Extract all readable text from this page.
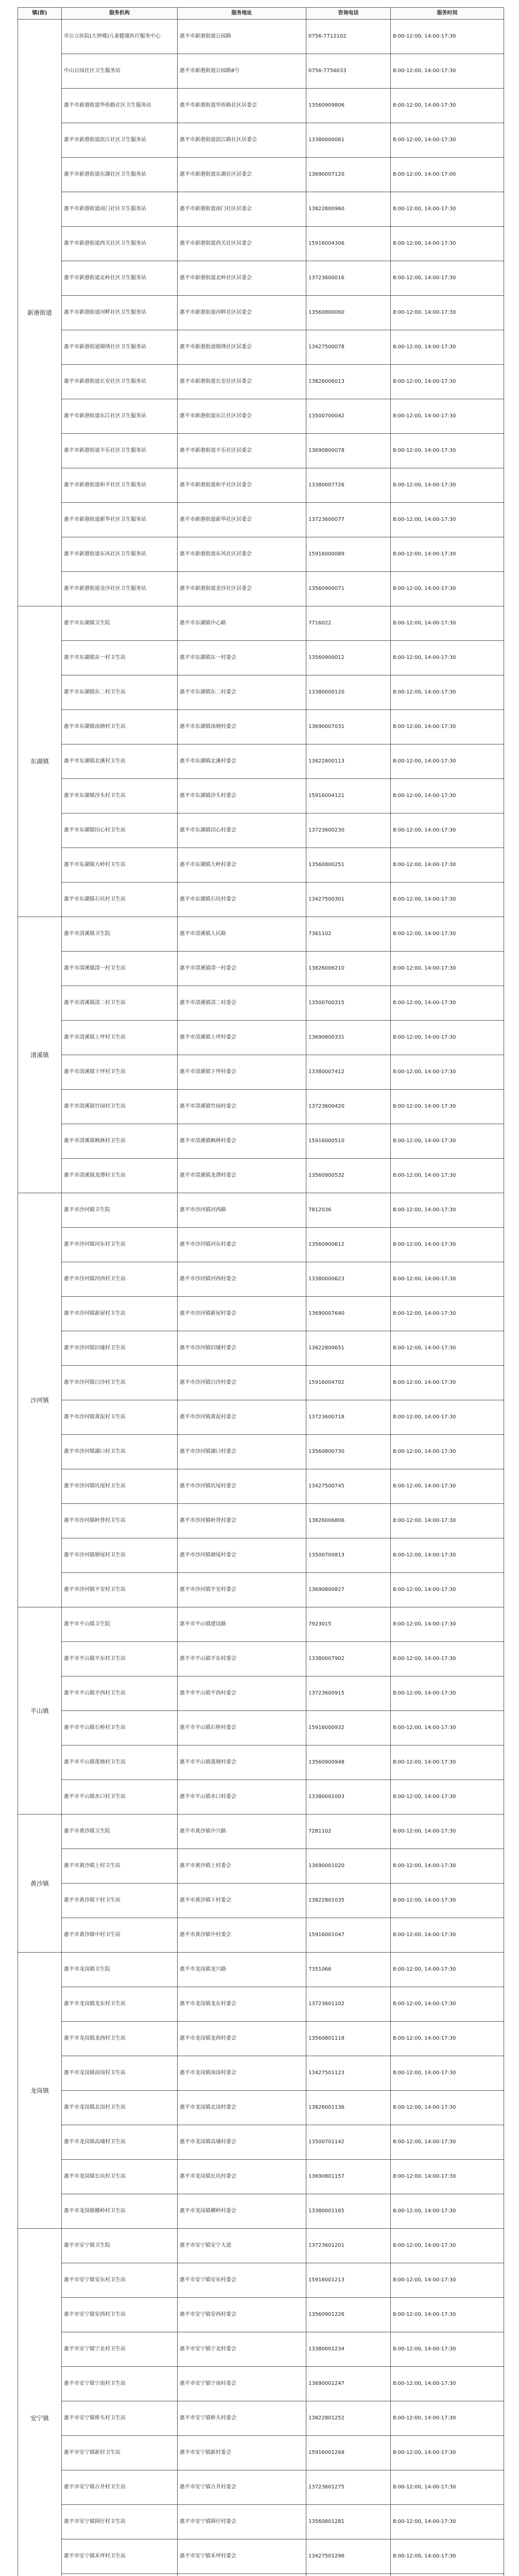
镇(街)	服务机构	服务地址	咨询电话	服务时间
新港街道	市公立医院(大钟楼)儿童健康医疗服务中心	惠平市新港街道公园路	0756-7712102	8:00-12:00, 14:00-17:30
	中山公园社区卫生服务站	惠平市新港街道公园路8号	0756-7756033	8:00-12:00, 14:00-17:30
	惠平市新港街道华侨路社区卫生服务站	惠平市新港街道华侨路社区居委会	13560909806	8:00-12:00, 14:00-17:30
	惠平市新港街道滨江社区卫生服务站	惠平市新港街道滨江路社区居委会	13380000061	8:00-12:00, 14:00-17:30
	惠平市新港街道东湖社区卫生服务站	惠平市新港街道东湖社区居委会	13690007120	8:00-12:00, 14:00-17:00
	惠平市新港街道南门社区卫生服务站	惠平市新港街道南门社区居委会	13822800960	8:00-12:00, 14:00-17:30
	惠平市新港街道西关社区卫生服务站	惠平市新港街道西关社区居委会	15916004306	8:00-12:00, 14:00-17:30
	惠平市新港街道北岭社区卫生服务站	惠平市新港街道北岭社区居委会	13723600016	8:00-12:00, 14:00-17:30
	惠平市新港街道河畔社区卫生服务站	惠平市新港街道河畔社区居委会	13560800060	8:00-12:00, 14:00-17:30
	惠平市新港街道锦绣社区卫生服务站	惠平市新港街道锦绣社区居委会	13427500078	8:00-12:00, 14:00-17:30
	惠平市新港街道长安社区卫生服务站	惠平市新港街道长安社区居委会	13826006013	8:00-12:00, 14:00-17:30
	惠平市新港街道东江社区卫生服务站	惠平市新港街道东江社区居委会	13500700042	8:00-12:00, 14:00-17:30
	惠平市新港街道丰乐社区卫生服务站	惠平市新港街道丰乐社区居委会	13690800078	8:00-12:00, 14:00-17:30
	惠平市新港街道和平社区卫生服务站	惠平市新港街道和平社区居委会	13380007726	8:00-12:00, 14:00-17:30
	惠平市新港街道新华社区卫生服务站	惠平市新港街道新华社区居委会	13723600077	8:00-12:00, 14:00-17:30
	惠平市新港街道东风社区卫生服务站	惠平市新港街道东风社区居委会	15916000089	8:00-12:00, 14:00-17:30
	惠平市新港街道金沙社区卫生服务站	惠平市新港街道金沙社区居委会	13560900071	8:00-12:00, 14:00-17:30
东湖镇	惠平市东湖镇卫生院	惠平市东湖镇中心路	7716022	8:00-12:00, 14:00-17:30
	惠平市东湖镇东一村卫生站	惠平市东湖镇东一村委会	13560900012	8:00-12:00, 14:00-17:30
	惠平市东湖镇东二村卫生站	惠平市东湖镇东二村委会	13380000120	8:00-12:00, 14:00-17:30
	惠平市东湖镇南塘村卫生站	惠平市东湖镇南塘村委会	13690007031	8:00-12:00, 14:00-17:30
	惠平市东湖镇北溪村卫生站	惠平市东湖镇北溪村委会	13822800113	8:00-12:00, 14:00-17:30
	惠平市东湖镇沙头村卫生站	惠平市东湖镇沙头村委会	15916004121	8:00-12:00, 14:00-17:30
	惠平市东湖镇田心村卫生站	惠平市东湖镇田心村委会	13723600230	8:00-12:00, 14:00-17:30
	惠平市东湖镇大岭村卫生站	惠平市东湖镇大岭村委会	13560800251	8:00-12:00, 14:00-17:30
	惠平市东湖镇石坑村卫生站	惠平市东湖镇石坑村委会	13427500301	8:00-12:00, 14:00-17:30
清溪镇	惠平市清溪镇卫生院	惠平市清溪镇人民路	7361102	8:00-12:00, 14:00-17:30
	惠平市清溪镇清一村卫生站	惠平市清溪镇清一村委会	13826006210	8:00-12:00, 14:00-17:30
	惠平市清溪镇清二村卫生站	惠平市清溪镇清二村委会	13500700315	8:00-12:00, 14:00-17:30
	惠平市清溪镇上坪村卫生站	惠平市清溪镇上坪村委会	13690800331	8:00-12:00, 14:00-17:30
	惠平市清溪镇下坪村卫生站	惠平市清溪镇下坪村委会	13380007412	8:00-12:00, 14:00-17:30
	惠平市清溪镇竹园村卫生站	惠平市清溪镇竹园村委会	13723600420	8:00-12:00, 14:00-17:30
	惠平市清溪镇枫林村卫生站	惠平市清溪镇枫林村委会	15916000510	8:00-12:00, 14:00-17:30
	惠平市清溪镇龙潭村卫生站	惠平市清溪镇龙潭村委会	13560900532	8:00-12:00, 14:00-17:30
沙河镇	惠平市沙河镇卫生院	惠平市沙河镇河西路	7812036	8:00-12:00, 14:00-17:30
	惠平市沙河镇河东村卫生站	惠平市沙河镇河东村委会	13560900612	8:00-12:00, 14:00-17:30
	惠平市沙河镇河西村卫生站	惠平市沙河镇河西村委会	13380000623	8:00-12:00, 14:00-17:30
	惠平市沙河镇新屋村卫生站	惠平市沙河镇新屋村委会	13690007640	8:00-12:00, 14:00-17:30
	惠平市沙河镇旧墟村卫生站	惠平市沙河镇旧墟村委会	13822800651	8:00-12:00, 14:00-17:30
	惠平市沙河镇白沙村卫生站	惠平市沙河镇白沙村委会	15916004702	8:00-12:00, 14:00-17:30
	惠平市沙河镇黄泥村卫生站	惠平市沙河镇黄泥村委会	13723600718	8:00-12:00, 14:00-17:30
	惠平市沙河镇湖口村卫生站	惠平市沙河镇湖口村委会	13560800730	8:00-12:00, 14:00-17:30
	惠平市沙河镇坑尾村卫生站	惠平市沙河镇坑尾村委会	13427500745	8:00-12:00, 14:00-17:30
	惠平市沙河镇岭背村卫生站	惠平市沙河镇岭背村委会	13826006806	8:00-12:00, 14:00-17:30
	惠平市沙河镇塘尾村卫生站	惠平市沙河镇塘尾村委会	13500700813	8:00-12:00, 14:00-17:30
	惠平市沙河镇平安村卫生站	惠平市沙河镇平安村委会	13690800827	8:00-12:00, 14:00-17:30
平山镇	惠平市平山镇卫生院	惠平市平山镇建设路	7923015	8:00-12:00, 14:00-17:30
	惠平市平山镇平东村卫生站	惠平市平山镇平东村委会	13380007902	8:00-12:00, 14:00-17:30
	惠平市平山镇平西村卫生站	惠平市平山镇平西村委会	13723600915	8:00-12:00, 14:00-17:30
	惠平市平山镇石桥村卫生站	惠平市平山镇石桥村委会	15916000932	8:00-12:00, 14:00-17:30
	惠平市平山镇莲塘村卫生站	惠平市平山镇莲塘村委会	13560900948	8:00-12:00, 14:00-17:30
	惠平市平山镇水口村卫生站	惠平市平山镇水口村委会	13380001003	8:00-12:00, 14:00-17:30
黄沙镇	惠平市黄沙镇卫生院	惠平市黄沙镇中兴路	7281102	8:00-12:00, 14:00-17:30
	惠平市黄沙镇上村卫生站	惠平市黄沙镇上村委会	13690001020	8:00-12:00, 14:00-17:30
	惠平市黄沙镇下村卫生站	惠平市黄沙镇下村委会	13822801035	8:00-12:00, 14:00-17:30
	惠平市黄沙镇中村卫生站	惠平市黄沙镇中村委会	15916001047	8:00-12:00, 14:00-17:30
龙岗镇	惠平市龙岗镇卫生院	惠平市龙岗镇龙兴路	7351066	8:00-12:00, 14:00-17:30
	惠平市龙岗镇龙东村卫生站	惠平市龙岗镇龙东村委会	13723601102	8:00-12:00, 14:00-17:30
	惠平市龙岗镇龙西村卫生站	惠平市龙岗镇龙西村委会	13560801118	8:00-12:00, 14:00-17:30
	惠平市龙岗镇南岗村卫生站	惠平市龙岗镇南岗村委会	13427501123	8:00-12:00, 14:00-17:30
	惠平市龙岗镇北岗村卫生站	惠平市龙岗镇北岗村委会	13826001136	8:00-12:00, 14:00-17:30
	惠平市龙岗镇高埔村卫生站	惠平市龙岗镇高埔村委会	13500701142	8:00-12:00, 14:00-17:30
	惠平市龙岗镇长坑村卫生站	惠平市龙岗镇长坑村委会	13690801157	8:00-12:00, 14:00-17:30
	惠平市龙岗镇横岭村卫生站	惠平市龙岗镇横岭村委会	13380001165	8:00-12:00, 14:00-17:30
安宁镇	惠平市安宁镇卫生院	惠平市安宁镇安宁大道	13723601201	8:00-12:00, 14:00-17:30
	惠平市安宁镇安东村卫生站	惠平市安宁镇安东村委会	15916001213	8:00-12:00, 14:00-17:30
	惠平市安宁镇安西村卫生站	惠平市安宁镇安西村委会	13560901226	8:00-12:00, 14:00-17:30
	惠平市安宁镇宁北村卫生站	惠平市安宁镇宁北村委会	13380001234	8:00-12:00, 14:00-17:30
	惠平市安宁镇宁南村卫生站	惠平市安宁镇宁南村委会	13690001247	8:00-12:00, 14:00-17:30
	惠平市安宁镇桥头村卫生站	惠平市安宁镇桥头村委会	13822801252	8:00-12:00, 14:00-17:30
	惠平市安宁镇新村卫生站	惠平市安宁镇新村委会	15916001268	8:00-12:00, 14:00-17:30
	惠平市安宁镇古井村卫生站	惠平市安宁镇古井村委会	13723601275	8:00-12:00, 14:00-17:30
	惠平市安宁镇围仔村卫生站	惠平市安宁镇围仔村委会	13560801281	8:00-12:00, 14:00-17:30
	惠平市安宁镇禾坪村卫生站	惠平市安宁镇禾坪村委会	13427501296	8:00-12:00, 14:00-17:30
